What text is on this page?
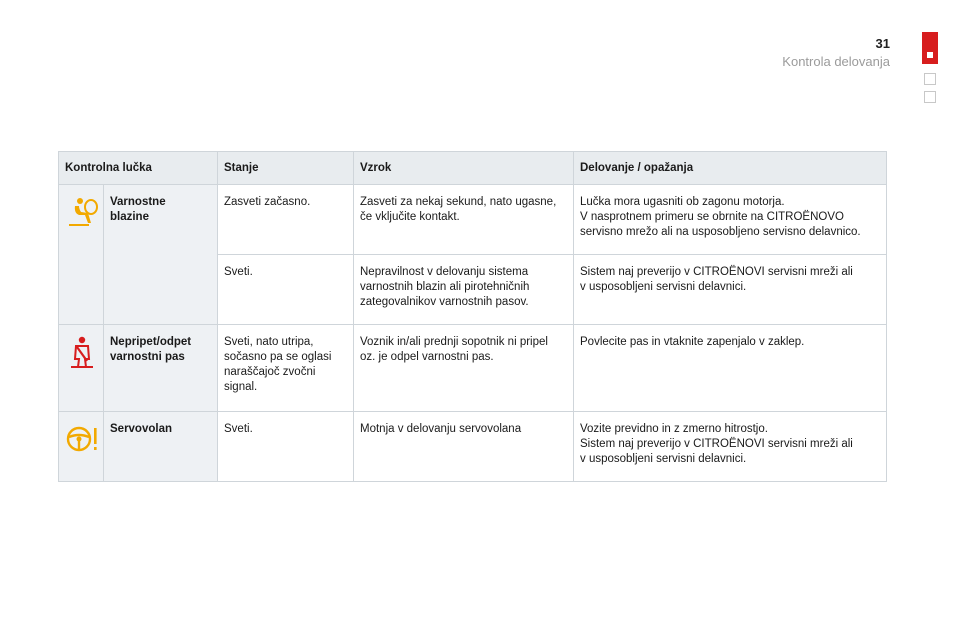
31
Kontrola delovanja
Kontrolna lučka		Stanje	Vzrok	Delovanje / opažanja

Varnostne
blazine	Zasveti začasno.	Zasveti za nekaj sekund, nato ugasne,
če vključite kontakt.	Lučka mora ugasniti ob zagonu motorja.
V nasprotnem primeru se obrnite na CITROËNOVO
servisno mrežo ali na usposobljeno servisno delavnico.

		Sveti.	Nepravilnost v delovanju sistema
varnostnih blazin ali pirotehničnih
zategovalnikov varnostnih pasov.	Sistem naj preverijo v CITROËNOVI servisni mreži ali
v usposobljeni servisni delavnici.

Nepripet/odpet
varnostni pas	Sveti, nato utripa,
sočasno pa se oglasi
naraščajoč zvočni
signal.	Voznik in/ali prednji sopotnik ni pripel
oz. je odpel varnostni pas.	Povlecite pas in vtaknite zapenjalo v zaklep.

Servovolan	Sveti.	Motnja v delovanju servovolana	Vozite previdno in z zmerno hitrostjo.
Sistem naj preverijo v CITROËNOVI servisni mreži ali
v usposobljeni servisni delavnici.
